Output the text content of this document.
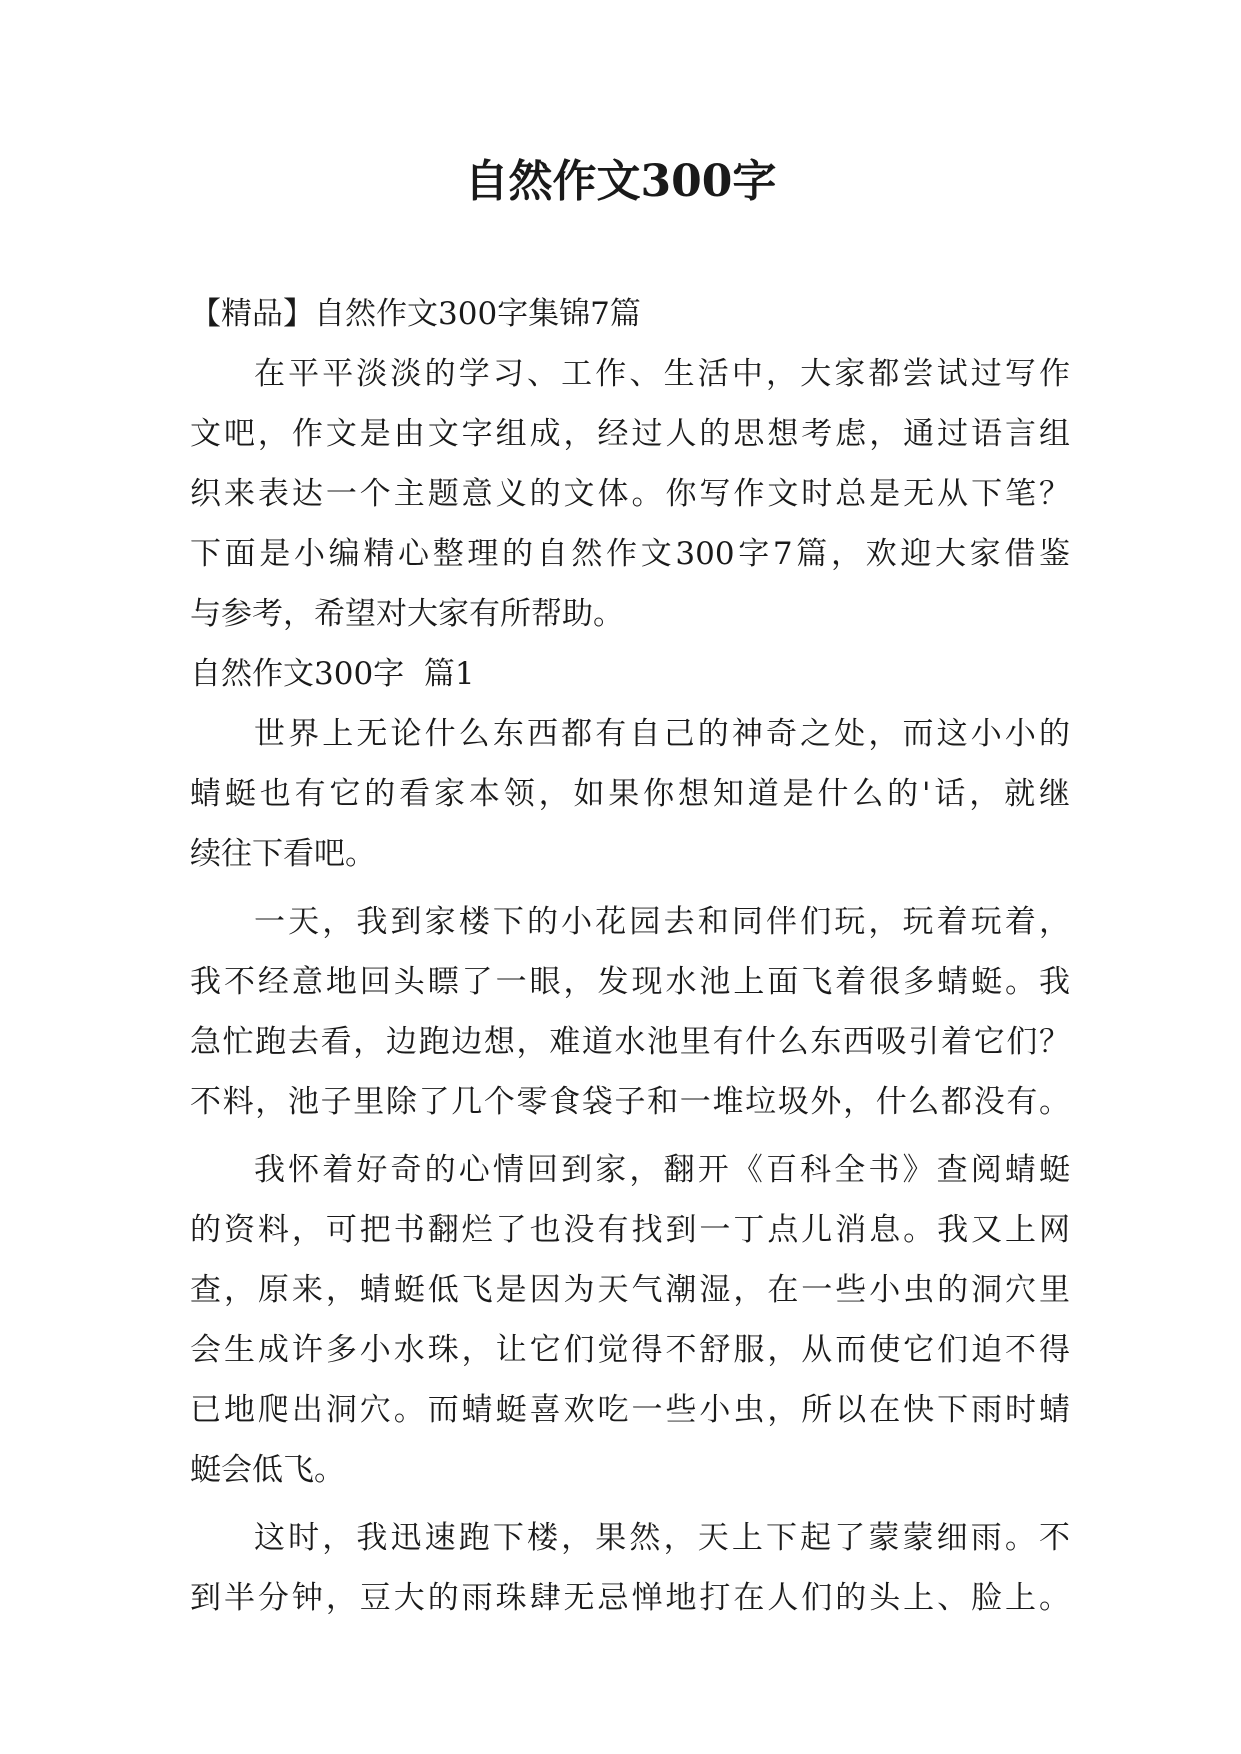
自然作文300字
【精品】自然作文300字集锦7篇
在平平淡淡的学习、工作、生活中，大家都尝试过写作
文吧，作文是由文字组成，经过人的思想考虑，通过语言组
织来表达一个主题意义的文体。你写作文时总是无从下笔？
下面是小编精心整理的自然作文300字7篇，欢迎大家借鉴
与参考，希望对大家有所帮助。
自然作文300字  篇1
世界上无论什么东西都有自己的神奇之处，而这小小的
蜻蜓也有它的看家本领，如果你想知道是什么的'话，就继
续往下看吧。
一天，我到家楼下的小花园去和同伴们玩，玩着玩着，
我不经意地回头瞟了一眼，发现水池上面飞着很多蜻蜓。我
急忙跑去看，边跑边想，难道水池里有什么东西吸引着它们？
不料，池子里除了几个零食袋子和一堆垃圾外，什么都没有。
我怀着好奇的心情回到家，翻开《百科全书》查阅蜻蜓
的资料，可把书翻烂了也没有找到一丁点儿消息。我又上网
查，原来，蜻蜓低飞是因为天气潮湿，在一些小虫的洞穴里
会生成许多小水珠，让它们觉得不舒服，从而使它们迫不得
已地爬出洞穴。而蜻蜓喜欢吃一些小虫，所以在快下雨时蜻
蜓会低飞。
这时，我迅速跑下楼，果然，天上下起了蒙蒙细雨。不
到半分钟，豆大的雨珠肆无忌惮地打在人们的头上、脸上。
